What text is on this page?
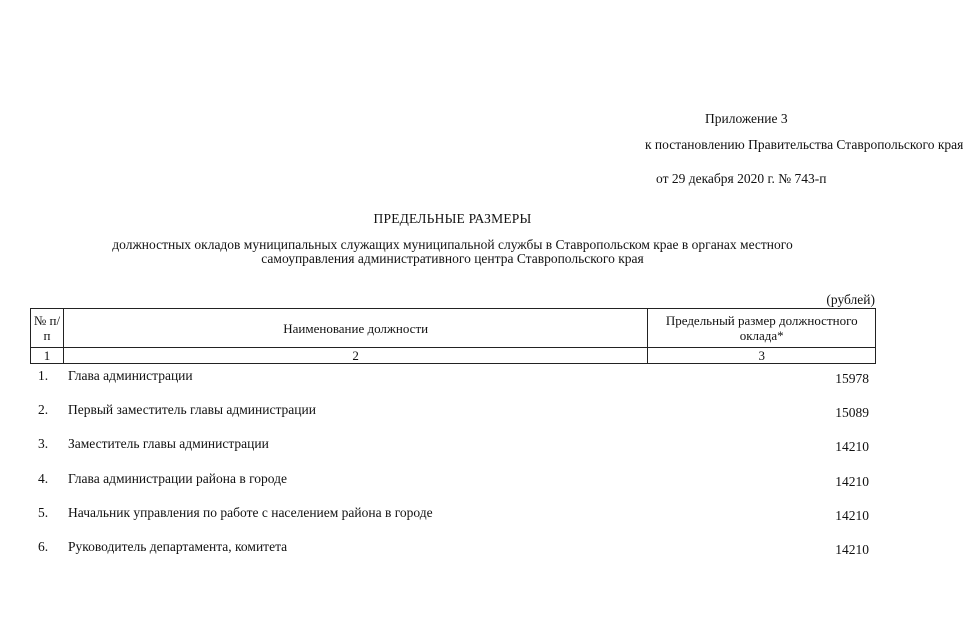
Приложение 3
к постановлению Правительства Ставропольского края
от 29 декабря 2020 г. № 743-п
ПРЕДЕЛЬНЫЕ РАЗМЕРЫ
должностных окладов муниципальных служащих муниципальной службы в Ставропольском крае в органах местного самоуправления административного центра Ставропольского края
(рублей)
№ п/п	Наименование должности	Предельный размер должностного оклада*
1	2	3
1. Глава администрации	15978
2. Первый заместитель главы администрации	15089
3. Заместитель главы администрации	14210
4. Глава администрации района в городе	14210
5. Начальник управления по работе с населением района в городе	14210
6. Руководитель департамента, комитета	14210
